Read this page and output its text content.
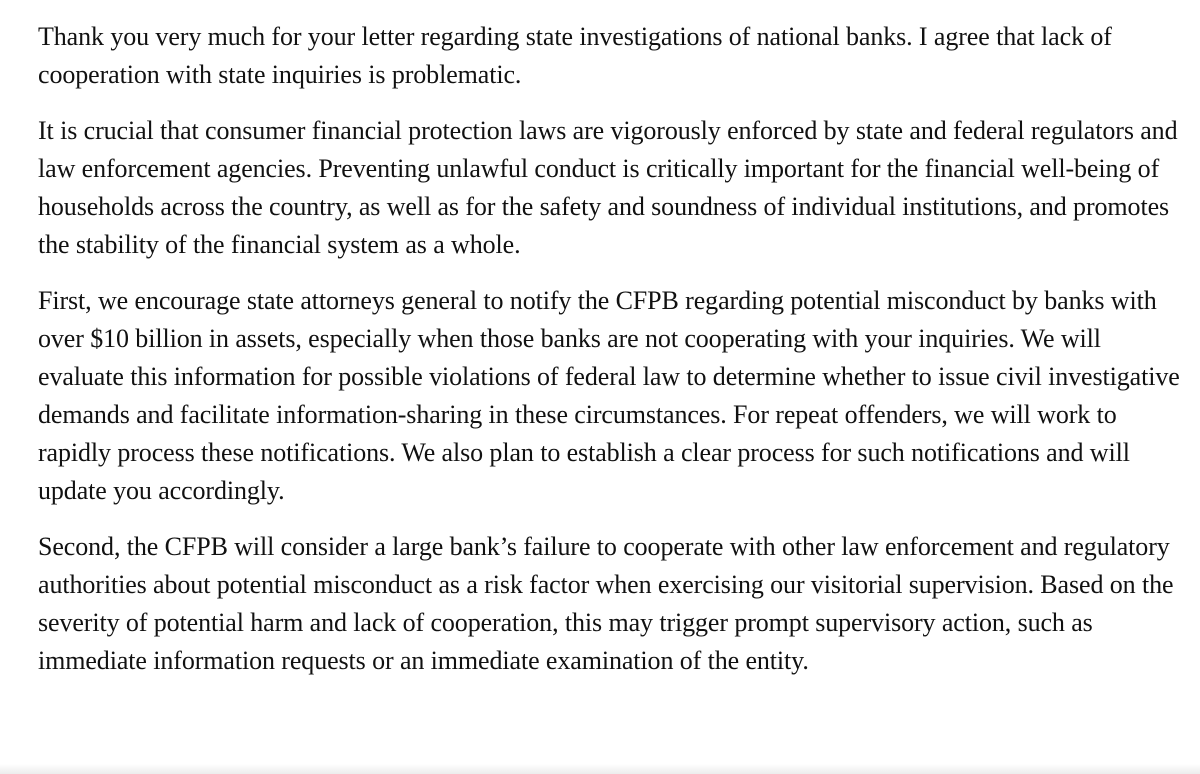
Thank you very much for your letter regarding state investigations of national banks. I agree that lack of cooperation with state inquiries is problematic.

It is crucial that consumer financial protection laws are vigorously enforced by state and federal regulators and law enforcement agencies. Preventing unlawful conduct is critically important for the financial well-being of households across the country, as well as for the safety and soundness of individual institutions, and promotes the stability of the financial system as a whole.

First, we encourage state attorneys general to notify the CFPB regarding potential misconduct by banks with over $10 billion in assets, especially when those banks are not cooperating with your inquiries. We will evaluate this information for possible violations of federal law to determine whether to issue civil investigative demands and facilitate information-sharing in these circumstances. For repeat offenders, we will work to rapidly process these notifications. We also plan to establish a clear process for such notifications and will update you accordingly.

Second, the CFPB will consider a large bank’s failure to cooperate with other law enforcement and regulatory authorities about potential misconduct as a risk factor when exercising our visitorial supervision. Based on the severity of potential harm and lack of cooperation, this may trigger prompt supervisory action, such as immediate information requests or an immediate examination of the entity.
